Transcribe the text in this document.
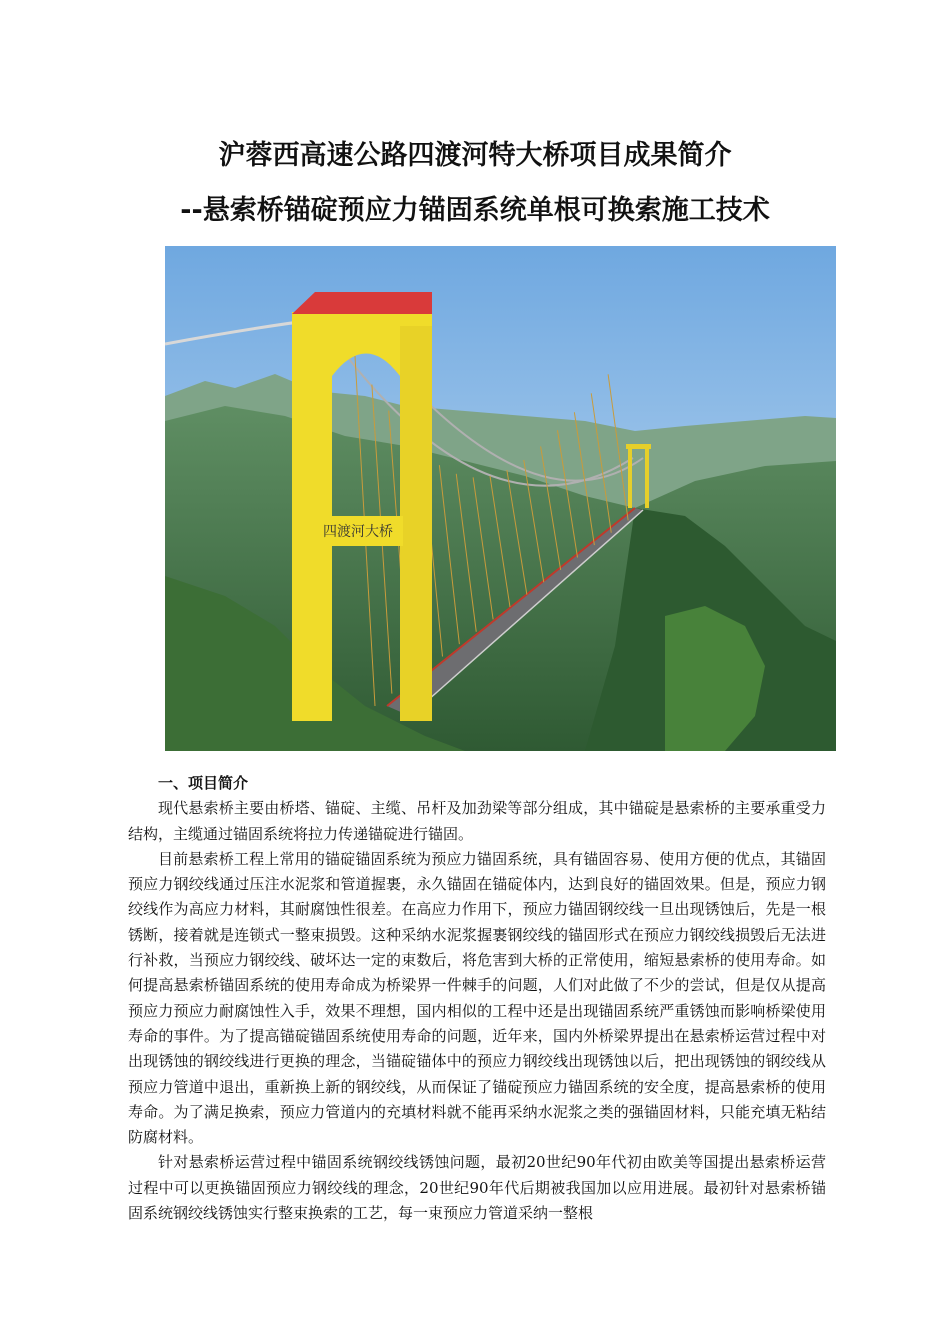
沪蓉西高速公路四渡河特大桥项目成果简介
--悬索桥锚碇预应力锚固系统单根可换索施工技术
四渡河大桥

一、项目简介

现代悬索桥主要由桥塔、锚碇、主缆、吊杆及加劲梁等部分组成，其中锚碇是悬索桥的主要承重受力结构，主缆通过锚固系统将拉力传递锚碇进行锚固。

目前悬索桥工程上常用的锚碇锚固系统为预应力锚固系统，具有锚固容易、使用方便的优点，其锚固预应力钢绞线通过压注水泥浆和管道握裹，永久锚固在锚碇体内，达到良好的锚固效果。但是，预应力钢绞线作为高应力材料，其耐腐蚀性很差。在高应力作用下，预应力锚固钢绞线一旦出现锈蚀后，先是一根锈断，接着就是连锁式一整束损毁。这种采纳水泥浆握裹钢绞线的锚固形式在预应力钢绞线损毁后无法进行补救，当预应力钢绞线、破坏达一定的束数后，将危害到大桥的正常使用，缩短悬索桥的使用寿命。如何提高悬索桥锚固系统的使用寿命成为桥梁界一件棘手的问题，人们对此做了不少的尝试，但是仅从提高预应力预应力耐腐蚀性入手，效果不理想，国内相似的工程中还是出现锚固系统严重锈蚀而影响桥梁使用寿命的事件。为了提高锚碇锚固系统使用寿命的问题，近年来，国内外桥梁界提出在悬索桥运营过程中对出现锈蚀的钢绞线进行更换的理念，当锚碇锚体中的预应力钢绞线出现锈蚀以后，把出现锈蚀的钢绞线从预应力管道中退出，重新换上新的钢绞线，从而保证了锚碇预应力锚固系统的安全度，提高悬索桥的使用寿命。为了满足换索，预应力管道内的充填材料就不能再采纳水泥浆之类的强锚固材料，只能充填无粘结防腐材料。

针对悬索桥运营过程中锚固系统钢绞线锈蚀问题，最初20世纪90年代初由欧美等国提出悬索桥运营过程中可以更换锚固预应力钢绞线的理念，20世纪90年代后期被我国加以应用进展。最初针对悬索桥锚固系统钢绞线锈蚀实行整束换索的工艺，每一束预应力管道采纳一整根
